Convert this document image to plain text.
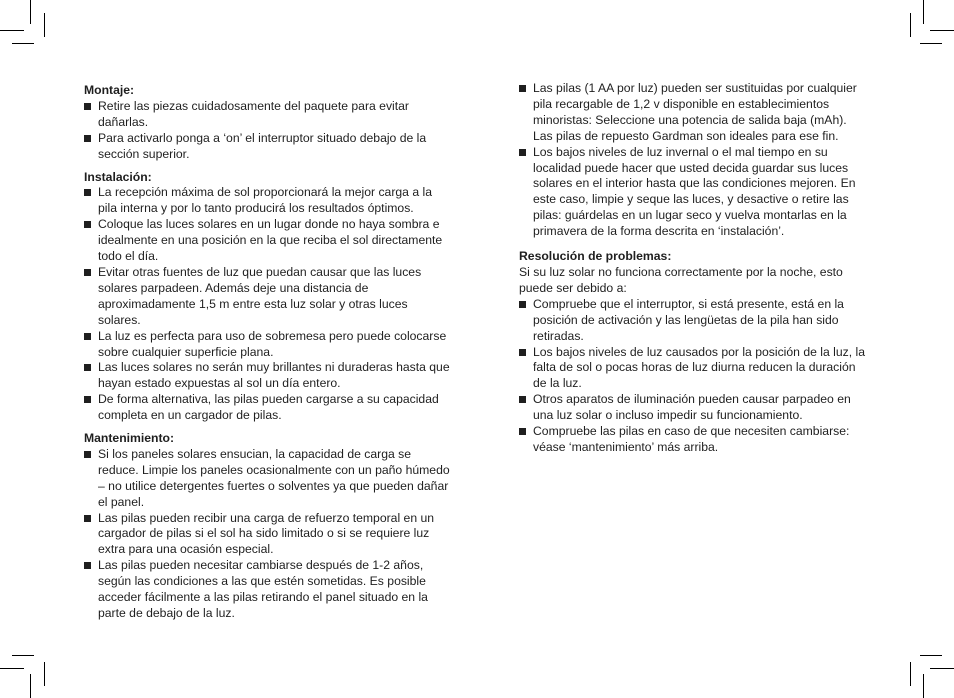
Montaje:
Retire las piezas cuidadosamente del paquete para evitar dañarlas.
Para activarlo ponga a ‘on’ el interruptor situado debajo de la sección superior.
Instalación:
La recepción máxima de sol proporcionará la mejor carga a la pila interna y por lo tanto producirá los resultados óptimos.
Coloque las luces solares en un lugar donde no haya sombra e idealmente en una posición en la que reciba el sol directamente todo el día.
Evitar otras fuentes de luz que puedan causar que las luces solares parpadeen. Además deje una distancia de aproximadamente 1,5 m entre esta luz solar y otras luces solares.
La luz es perfecta para uso de sobremesa pero puede colocarse sobre cualquier superficie plana.
Las luces solares no serán muy brillantes ni duraderas hasta que hayan estado expuestas al sol un día entero.
De forma alternativa, las pilas pueden cargarse a su capacidad completa en un cargador de pilas.
Mantenimiento:
Si los paneles solares ensucian, la capacidad de carga se reduce. Limpie los paneles ocasionalmente con un paño húmedo – no utilice detergentes fuertes o solventes ya que pueden dañar el panel.
Las pilas pueden recibir una carga de refuerzo temporal en un cargador de pilas si el sol ha sido limitado o si se requiere luz extra para una ocasión especial.
Las pilas pueden necesitar cambiarse después de 1-2 años, según las condiciones a las que estén sometidas. Es posible acceder fácilmente a las pilas retirando el panel situado en la parte de debajo de la luz.
Las pilas (1 AA por luz) pueden ser sustituidas por cualquier pila recargable de 1,2 v disponible en establecimientos minoristas: Seleccione una potencia de salida baja (mAh). Las pilas de repuesto Gardman son ideales para ese fin.
Los bajos niveles de luz invernal o el mal tiempo en su localidad puede hacer que usted decida guardar sus luces solares en el interior hasta que las condiciones mejoren. En este caso, limpie y seque las luces, y desactive o retire las pilas: guárdelas en un lugar seco y vuelva montarlas en la primavera de la forma descrita en ‘instalación’.
Resolución de problemas:

Si su luz solar no funciona correctamente por la noche, esto puede ser debido a:

Compruebe que el interruptor, si está presente, está en la posición de activación y las lengüetas de la pila han sido retiradas.
Los bajos niveles de luz causados por la posición de la luz, la falta de sol o pocas horas de luz diurna reducen la duración de la luz.
Otros aparatos de iluminación pueden causar parpadeo en una luz solar o incluso impedir su funcionamiento.
Compruebe las pilas en caso de que necesiten cambiarse: véase ‘mantenimiento’ más arriba.
